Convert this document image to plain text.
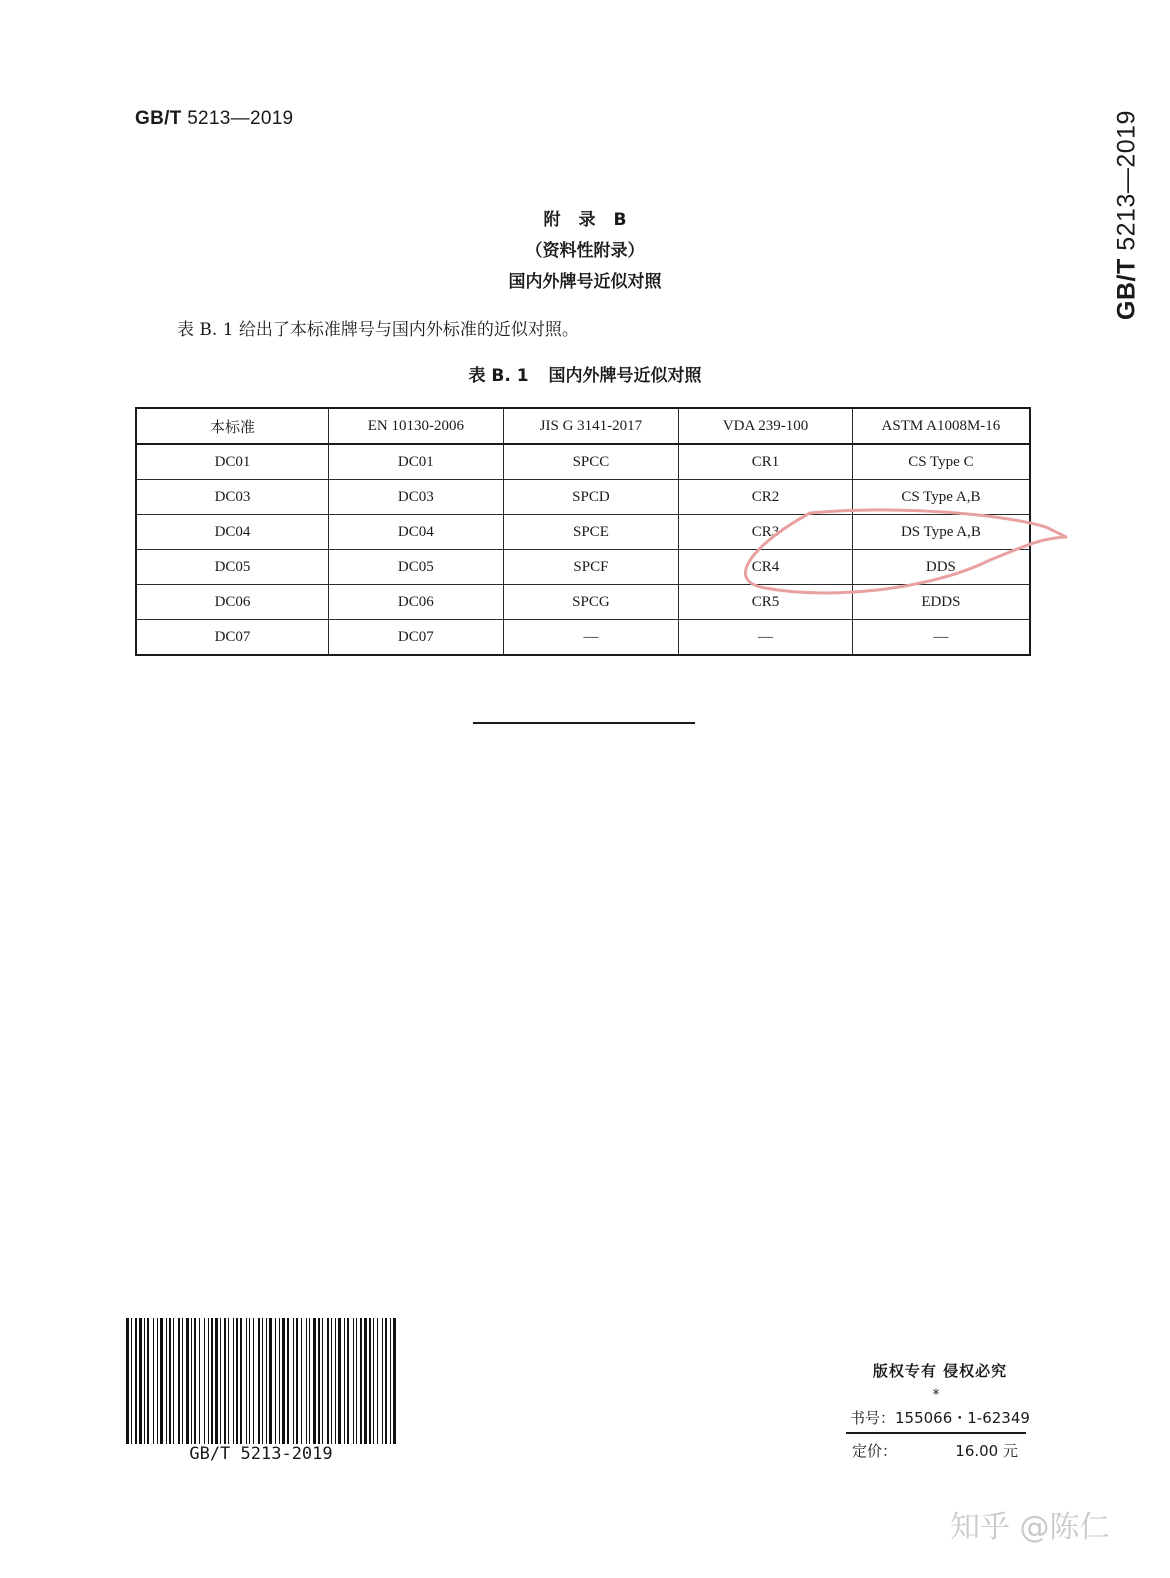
GB/T 5213—2019
GB/T 5213—2019
附录B
（资料性附录）
国内外牌号近似对照
表 B. 1 给出了本标准牌号与国内外标准的近似对照。
表 B. 1 国内外牌号近似对照
本标准	EN 10130-2006	JIS G 3141-2017	VDA 239-100	ASTM A1008M-16
DC01	DC01	SPCC	CR1	CS Type C
DC03	DC03	SPCD	CR2	CS Type A,B
DC04	DC04	SPCE	CR3	DS Type A,B
DC05	DC05	SPCF	CR4	DDS
DC06	DC06	SPCG	CR5	EDDS
DC07	DC07	—	—	—
GB/T 5213-2019
版权专有 侵权必究
*
书号：155066・1-62349
定价：	16.00 元
知乎 @陈仁
